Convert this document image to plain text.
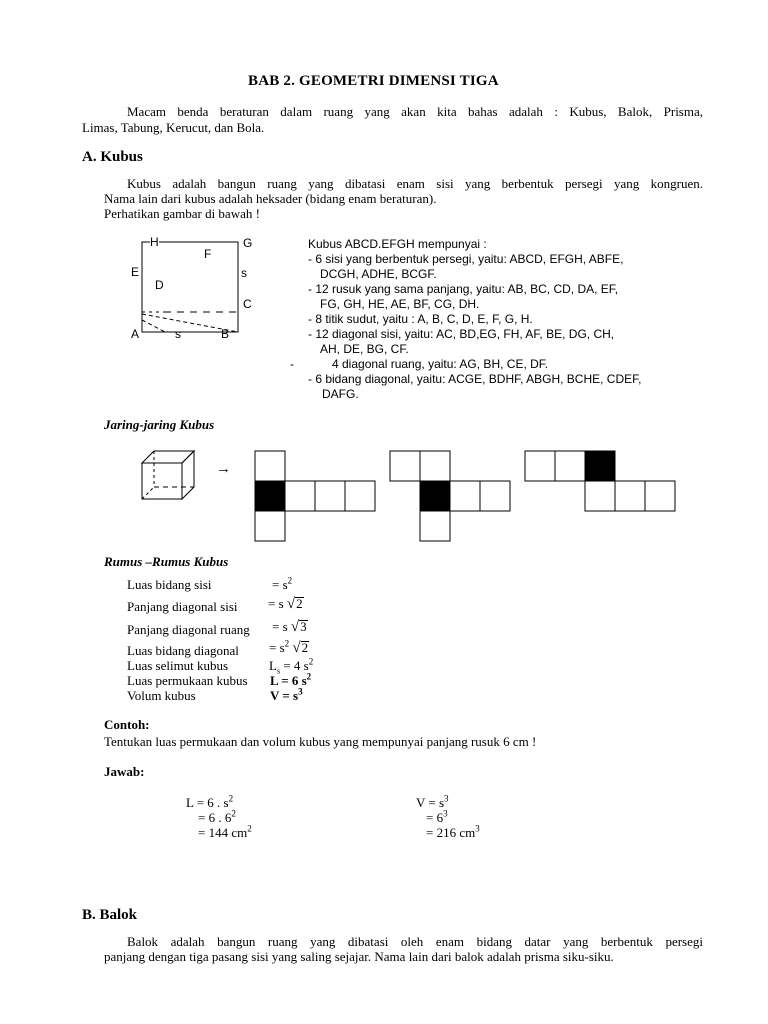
BAB 2. GEOMETRI DIMENSI TIGA
Macam benda beraturan dalam ruang yang akan kita bahas adalah : Kubus, Balok, Prisma,
Limas, Tabung, Kerucut, dan Bola.
A. Kubus
Kubus adalah bangun ruang yang dibatasi enam sisi yang berbentuk persegi yang kongruen.
Nama lain dari kubus adalah heksader (bidang enam beraturan).
Perhatikan gambar di bawah !
H	G
F
E	s
D
C
A	s	B
Kubus ABCD.EFGH mempunyai :
- 6 sisi yang berbentuk persegi, yaitu: ABCD, EFGH, ABFE,
DCGH, ADHE, BCGF.
- 12 rusuk yang sama panjang, yaitu: AB, BC, CD, DA, EF,
FG, GH, HE, AE, BF, CG, DH.
- 8 titik sudut, yaitu : A, B, C, D, E, F, G, H.
- 12 diagonal sisi, yaitu: AC, BD,EG, FH, AF, BE, DG, CH,
AH, DE, BG, CF.
-	4 diagonal ruang, yaitu: AG, BH, CE, DF.
- 6 bidang diagonal, yaitu: ACGE, BDHF, ABGH, BCHE, CDEF,
DAFG.
Jaring-jaring Kubus
→
Rumus –Rumus Kubus
Luas bidang sisi	= $s^2$
Panjang diagonal sisi = s √2
Panjang diagonal ruang = s √3
Luas bidang diagonal = $s^2$ √2
Luas selimut kubus	$L_s = 4$ $s^2$
Luas permukaan kubus L = 6 $s^2$
Volum kubus	$V = s^3$
Contoh:
Tentukan luas permukaan dan volum kubus yang mempunyai panjang rusuk 6 cm !
Jawab:
L = 6 . $s^2$
= 6 . $6^2$
= 144 $cm^2$
$V = s^3$
= $6^3$
= 216 $cm^3$
B. Balok
Balok adalah bangun ruang yang dibatasi oleh enam bidang datar yang berbentuk persegi
panjang dengan tiga pasang sisi yang saling sejajar. Nama lain dari balok adalah prisma siku-siku.
